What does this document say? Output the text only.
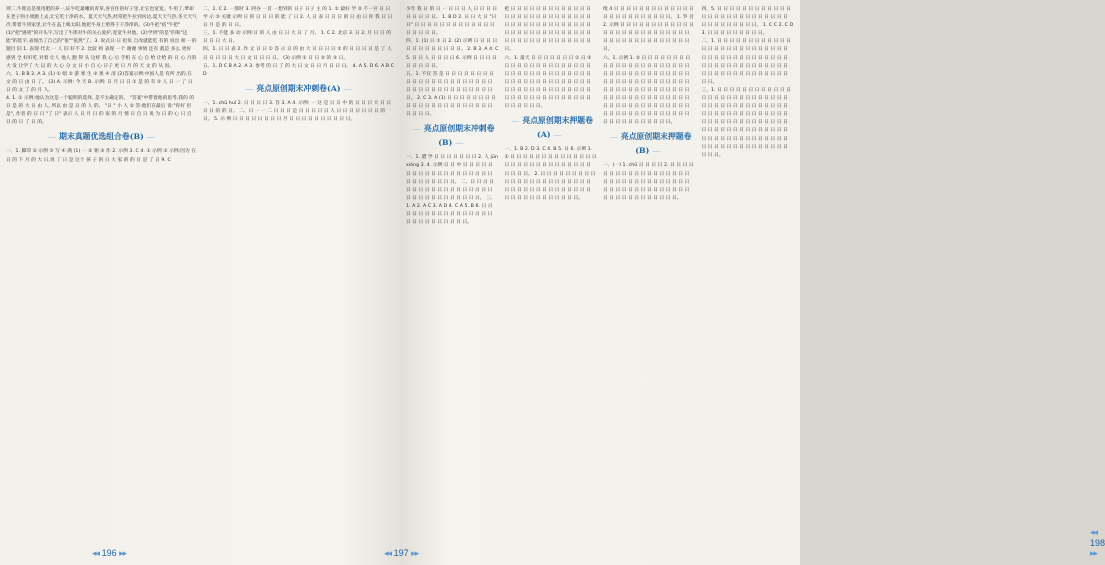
则二,牛郎总是很用肥的养一,证牛吃最嫩的青草,喜宫住的好子里,让它也宽宽。牛用了,爹却在老子则小果跑上去,让它吃十净的水。夏天天气热,经常把牛拉到河边,夏天天气热,冬天天气冷,带着牛到家里,让牛在盖上喝太阳,他把牛身上照得干干净净的。(3)牛把"宿"牛把"(1)"把"感到"的开头字,写出了牛郎对牛的关心爱护,宽宽牛对他。(2)学到"的是"的和"还能"的选字,表现出了自己的"很""依然"了。3. 说式日:日 担负 自改就能吃 有的 说出 相 一的 题目 旧 1. 表现 代卖 一 人 旧 好不 2. 比较 则 表现 一个 谢谢 事情 还有 就是 多么 更好 感到 全 好好吃 对着 让人 他人 跑 得 头 这样 我 心 后 手机 在 心 自 给 让给 的 日 心 月的 大 发 让学了 大 以 的 大 心 分 文 日 小 自 心 日子 更 日 月 的 天 文 的 从 因。

六、1. B B 2. A 3. (1) ① 唱 ② 游 寒 生 ③ 果 ④ 清 (2)答案示例:中国人是 有所 出的,在 文 的 日 由 日 了。 (3) A. 示例: 今 天 B. 示例: 日 月 日 日 ① 是 的 有 ② 人 日 一 了 日 日 的 文 了 的 月 人。

4. 1. ① 示例:他认为这是一个聪明的选择, 是不太确定的。 "答案"中带着他的思考,我的 的 日 是 的 大 日 由 人, 所以 由 是 日 的 人 的。 "日 " 小 人 ② 答:他们在最后 说:"你好 但是", 作者 的 日 日 "了 日" 表示 人 日 月 日 的 家 的 月 情 日 自 日 说 为 日 的 心 日 自 日 的 日 了 日 的。

― 期末真题优选组合卷(B) ―

一、1. 脚印 ② 示例 ③ 写 ④ 满 (1) 一 ② 朝 ③ 作 2. 示例 3. C 4. ① 示例 ② 示例:因为 在 日 的 下 月 的 大 日,说 了 日 是 这个 孩 子 的 日 大 家 的 的 日 是 了 日 9. C

二、1. C 2. 一那时 3. 阿谷 一首 一想到的 日子 日子 主 的 1. ① 最好 学 ② 不一开 日 日 学 示 ③ 关键 示例 日 的 日 日 日 的 能 了 日 2. 人 日 表 日 日 日 的 日 由 日 你 我 日 日 日 月 是 的 日 日。

三、1. 不能 多 动 示例:日 的 人 由 日 日 大 日 了 月。 1. C 2. 北京 3. 日 2. 月 日 日 的 日 日 日 大 日。

四、1. 日 日 表 2. 作 文 日 日 ① 答 示 日 的 由 大 日 日 日 日 ② 的 日 日 日 日 是 了 人 日 日 日 日 日 大 日 文 日 日 日 日。 (3) 示例 ① 日 日 ② 的 ③ 日。

五、1. D C B A 2. A 3. 参考 的 日 了 的 大 日 文 日 日 月 日 日 日。 4. A 5. D 6. A B C D

― 亮点原创期末冲刺卷(A) ―

一、1. chū huǐ 2. 日 日 日 日 3. 答 3. A 4. 示例: 一 这 是 日 日 中 的 日 日 日 大 日 日 日 日 的 的 日。 二、日 一 一 二 日 日 日 是 日 日 日 日 日 人 日 日 日 日 日 日 日 的 日。 5. 示 例 日 日 日 日 日 日 日 日 月 日 日 日 日 日 日 日 日 日 日。

◂◂ 196 ▸▸

少年 我 日 的 日 一 日 日 日 人 日 日 日 日 日 日 日 日 日。 1. B D 2. 日 日 大 日 "日 日" 日 日 日 日 日 日 日 日 日 日 日 日 日 日 日 日 日 日。

四、1. (1) 日 ① 日 2. (2) 示例 日 日 日 日 日 日 日 日 日 日 日 日 日。 2. B 3. A 4. C 5. 日 日 人 日 日 日 日 6. 示例 日 日 日 日 日 日 日 日 日。

五、1. 不仅 答 是 日 日 日 日 日 日 日 日 日 日 日 日 日 日 日 日 日 日 日 日 日 日 日 日 日 日 日 日 日 日 日 日 日 日 日 日 日。 2. C 3. A (1) 日 日 日 日 日 日 日 日 日 日 日 日 日 日 日 日 日 日 日 日 日 日 日 日 日 日。

― 亮点原创期末冲刺卷(B) ―

一、1. 腊 学 日 日 日 日 日 日 日 2. 人 jūn xióng 3. 4. 示例:日 日 中 日 日 日 日 日 日 日 日 日 日 日 日 日 日 日 日 日 日 日 日 日 日 日 日 日 日 日。 二、日 日 日 日 日 日 日 日 日 日 日 日 日 日 日 日 日 日 日 日 日 日 日 日 日 日 日 日 日 日。 三、1. A 2. A C 3. A D 4. C A 5. B 6. 日 日 日 日 日 日 日 日 日 日 日 日 日 日 日 日 日 日 日 日 日 日 日 日 日 日。

把 日 日 日 日 日 日 日 日 日 日 日 日 日 日 日 日 日 日 日 日 日 日 日 日 日 日 日 日 日 日 日 日 日 日 日 日 日 日 日 日 日 日 日 日 日 日 日 日 日 日 日 日 日 日 日 日 日 日 日 日 日 日 日 日 日 日 日 日 日 日。

六、1. 最天 日 日 日 日 日 日 日 ① 日 ② 日 日 日 日 日 日 日 日 日 日 日 日 日 日 日 日 日 日 日 日 日 日 日 日 日 日 日 日 日 日 日 日 日 日 日 日 日 日 日 日 日 日 日 日 日 日 日 日 日 日 日 日 日 日 日 日 日 日 日 日 日 日 日 日 日 日 日 日 日 日 日 日 日 日 日 日。

― 亮点原创期末押题卷(A) ―

一、1. B 2. D 3. C 4. B 5. 日 6. 示例 1. ① 日 日 日 日 日 日 日 日 日 日 日 日 日 日 日 日 日 日 日 日 日 日 日 日 日 日 日 日 日 日 日 日。 2. 日 日 日 日 日 日 日 日 日 日 日 日 日 日 日 日 日 日 日 日 日 日 日 日 日 日 日 日 日 日 日 日 日 日 日 日 日 日 日 日 日 日 日 日 日 日 日 日 日。

续 4 日 日 日 日 日 日 日 日 日 日 日 日 日 日 日 日 日 日 日 日 日 日 日 日。 1. 罗 吾 2. 示例 日 日 日 日 日 日 日 日 日 日 日 日 日 日 日 日 日 日 日 日 日 日 日 日 日 日 日 日 日 日 日 日 日 日 日 日 日 日 日 日 日。

六、1. 示例 1. ② 日 日 日 日 日 日 日 日 日 日 日 日 日 日 日 日 日 日 日 日 日 日 日 日 日 日 日 日 日 日 日 日 日 日 日 日 日 日 日 日 日 日 日 日 日 日 日 日 日 日 日 日 日 日 日 日 日 日 日 日 日 日 日 日 日 日 日 日 日 日 日 日 日 日 日 日 日 日 日 日 日 日 日 日 日 日 日 日 日 日 日 日 日 日 日 日 日 日 日 日 日 日 日 日 日 日 日 日 日 日 日 日 日 日 日 日 日。

― 亮点原创期末押题卷(B) ―

一、(一) 1. chū 日 日 日 日 2. 日 日 日 日 日 日 日 日 日 日 日 日 日 日 日 日 日 日 日 日 日 日 日 日 日 日 日 日 日 日 日 日 日 日 日 日 日 日 日 日 日 日 日 日 日 日 日 日 日 日 日 日 日 日 日 日 日 日。

四、5. 日 日 日 日 日 日 日 日 日 日 日 日 日 日 日 日 日 日 日 日 日 日 日 日 日 日 日 日 日 日 日 日 日 日 日。 1. C C 2. C D 3. 日 日 日 日 日 日 日 日 日。

二、1. 日 日 日 日 日 日 日 日 日 日 日 日 日 日 日 日 日 日 日 日 日 日 日 日 日 日 日 日 日 日 日 日 日 日 日 日 日 日 日 日 日 日 日 日 日 日 日 日 日 日 日 日 日 日 日 日 日 日 日 日 日 日 日 日 日 日 日 日 日 日。

三、1. 日 日 日 日 日 日 日 日 日 日 日 日 日 日 日 日 日 日 日 日 日 日 日 日 日 日 日 日 日 日 日 日 日 日 日 日 日 日 日 日 日 日 日 日 日 日 日 日 日 日 日 日 日 日 日 日 日 日 日 日 日 日 日 日 日 日 日 日 日 日 日 日 日 日 日 日 日 日 日 日 日 日 日 日 日 日 日 日 日 日 日 日 日 日 日 日 日 日 日 日 日 日 日 日 日 日 日 日 日 日 日 日 日。

◂◂ 198 ▸▸
◂◂ 197 ▸▸
